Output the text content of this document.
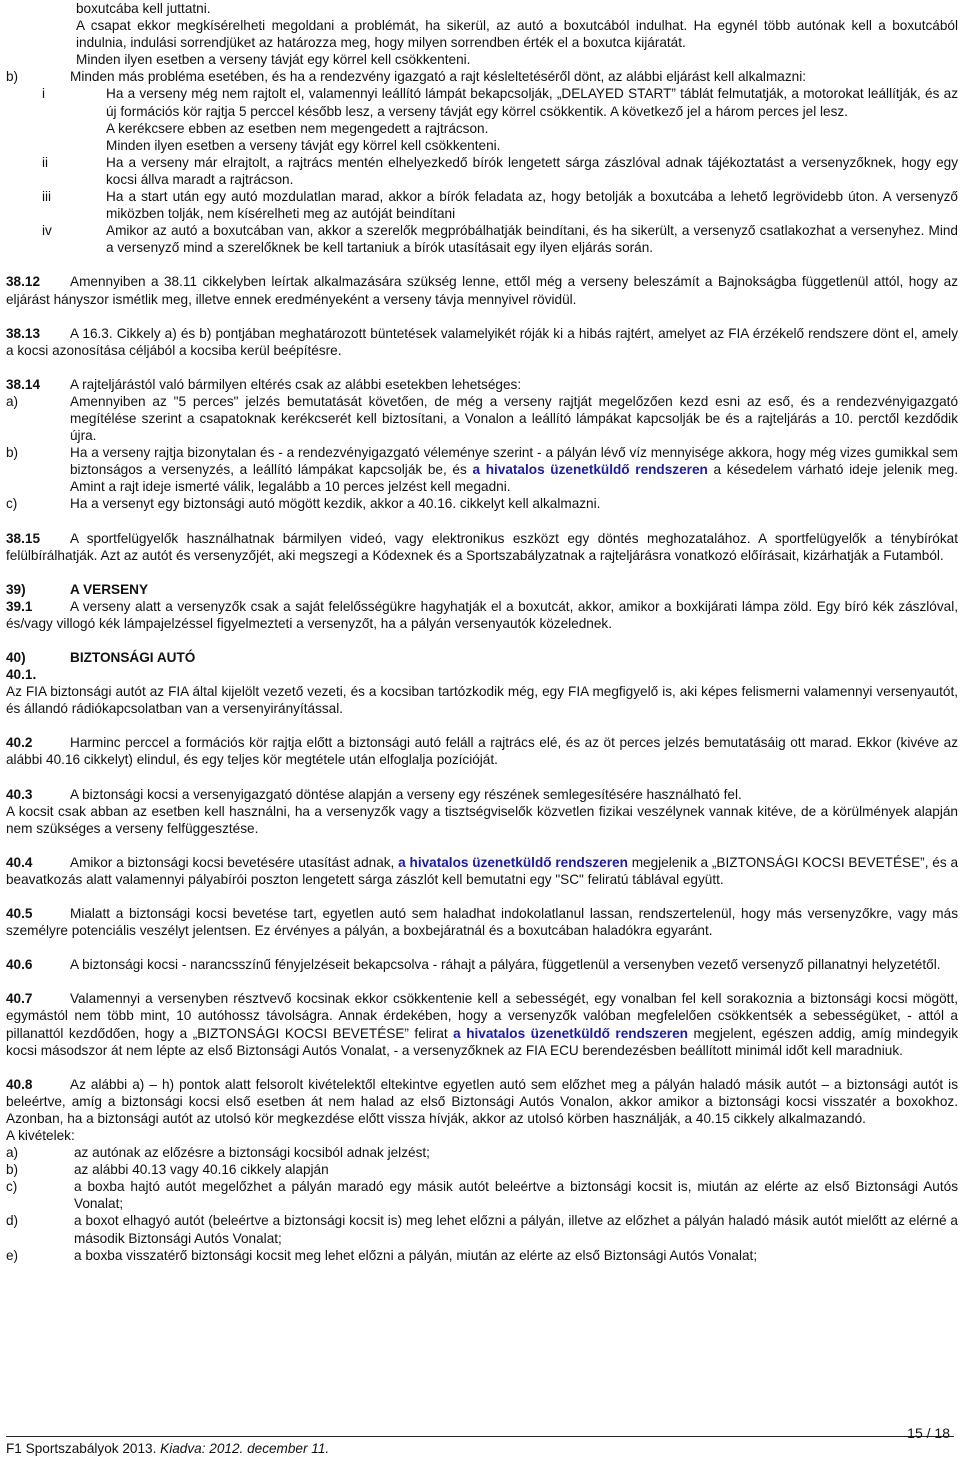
boxutcába kell juttatni.

A csapat ekkor megkísérelheti megoldani a problémát, ha sikerül, az autó a boxutcából indulhat. Ha egynél több autónak kell a boxutcából indulnia, indulási sorrendjüket az határozza meg, hogy milyen sorrendben érték el a boxutca kijáratát.

Minden ilyen esetben a verseny távját egy körrel kell csökkenteni.

b)	Minden más probléma esetében, és ha a rendezvény igazgató a rajt késleltetéséről dönt, az alábbi eljárást kell alkalmazni:
i	Ha a verseny még nem rajtolt el, valamennyi leállító lámpát bekapcsolják, „DELAYED START” táblát felmutatják, a motorokat leállítják, és az új formációs kör rajtja 5 perccel később lesz, a verseny távját egy körrel csökkentik. A következő jel a három perces jel lesz.
A kerékcsere ebben az esetben nem megengedett a rajtrácson.
Minden ilyen esetben a verseny távját egy körrel kell csökkenteni.
ii	Ha a verseny már elrajtolt, a rajtrács mentén elhelyezkedő bírók lengetett sárga zászlóval adnak tájékoztatást a versenyzőknek, hogy egy kocsi állva maradt a rajtrácson.
iii	Ha a start után egy autó mozdulatlan marad, akkor a bírók feladata az, hogy betolják a boxutcába a lehető legrövidebb úton. A versenyző miközben tolják, nem kísérelheti meg az autóját beindítani
iv	Amikor az autó a boxutcában van, akkor a szerelők megpróbálhatják beindítani, és ha sikerült, a versenyző csatlakozhat a versenyhez. Mind a versenyző mind a szerelőknek be kell tartaniuk a bírók utasításait egy ilyen eljárás során.

38.12 Amennyiben a 38.11 cikkelyben leírtak alkalmazására szükség lenne, ettől még a verseny beleszámít a Bajnokságba függetlenül attól, hogy az eljárást hányszor ismétlik meg, illetve ennek eredményeként a verseny távja mennyivel rövidül.

38.13 A 16.3. Cikkely a) és b) pontjában meghatározott büntetések valamelyikét róják ki a hibás rajtért, amelyet az FIA érzékelő rendszere dönt el, amely a kocsi azonosítása céljából a kocsiba kerül beépítésre.

38.14 A rajteljárástól való bármilyen eltérés csak az alábbi esetekben lehetséges:

a)	Amennyiben az "5 perces" jelzés bemutatását követően, de még a verseny rajtját megelőzően kezd esni az eső, és a rendezvényigazgató megítélése szerint a csapatoknak kerékcserét kell biztosítani, a Vonalon a leállító lámpákat kapcsolják be és a rajteljárás a 10. perctől kezdődik újra.
b)	Ha a verseny rajtja bizonytalan és - a rendezvényigazgató véleménye szerint - a pályán lévő víz mennyisége akkora, hogy még vizes gumikkal sem biztonságos a versenyzés, a leállító lámpákat kapcsolják be, és a hivatalos üzenetküldő rendszeren a késedelem várható ideje jelenik meg. Amint a rajt ideje ismerté válik, legalább a 10 perces jelzést kell megadni.
c)	Ha a versenyt egy biztonsági autó mögött kezdik, akkor a 40.16. cikkelyt kell alkalmazni.

38.15 A sportfelügyelők használhatnak bármilyen videó, vagy elektronikus eszközt egy döntés meghozatalához. A sportfelügyelők a ténybírókat felülbírálhatják. Azt az autót és versenyzőjét, aki megszegi a Kódexnek és a Sportszabályzatnak a rajteljárásra vonatkozó előírásait, kizárhatják a Futamból.

39)	A VERSENY

39.1	A verseny alatt a versenyzők csak a saját felelősségükre hagyhatják el a boxutcát, akkor, amikor a boxkijárati lámpa zöld. Egy bíró kék zászlóval, és/vagy villogó kék lámpajelzéssel figyelmezteti a versenyzőt, ha a pályán versenyautók közelednek.

40)	BIZTONSÁGI AUTÓ

40.1.

Az FIA biztonsági autót az FIA által kijelölt vezető vezeti, és a kocsiban tartózkodik még, egy FIA megfigyelő is, aki képes felismerni valamennyi versenyautót, és állandó rádiókapcsolatban van a versenyirányítással.

40.2	Harminc perccel a formációs kör rajtja előtt a biztonsági autó feláll a rajtrács elé, és az öt perces jelzés bemutatásáig ott marad. Ekkor (kivéve az alábbi 40.16 cikkelyt) elindul, és egy teljes kör megtétele után elfoglalja pozícióját.

40.3	A biztonsági kocsi a versenyigazgató döntése alapján a verseny egy részének semlegesítésére használható fel.

A kocsit csak abban az esetben kell használni, ha a versenyzők vagy a tisztségviselők közvetlen fizikai veszélynek vannak kitéve, de a körülmények alapján nem szükséges a verseny felfüggesztése.

40.4	Amikor a biztonsági kocsi bevetésére utasítást adnak, a hivatalos üzenetküldő rendszeren megjelenik a „BIZTONSÁGI KOCSI BEVETÉSE”, és a beavatkozás alatt valamennyi pályabírói poszton lengetett sárga zászlót kell bemutatni egy "SC" feliratú táblával együtt.

40.5	Mialatt a biztonsági kocsi bevetése tart, egyetlen autó sem haladhat indokolatlanul lassan, rendszertelenül, hogy más versenyzőkre, vagy más személyre potenciális veszélyt jelentsen. Ez érvényes a pályán, a boxbejáratnál és a boxutcában haladókra egyaránt.

40.6	A biztonsági kocsi - narancsszínű fényjelzéseit bekapcsolva - ráhajt a pályára, függetlenül a versenyben vezető versenyző pillanatnyi helyzetétől.

40.7	Valamennyi a versenyben résztvevő kocsinak ekkor csökkentenie kell a sebességét, egy vonalban fel kell sorakoznia a biztonsági kocsi mögött, egymástól nem több mint, 10 autóhossz távolságra. Annak érdekében, hogy a versenyzők valóban megfelelően csökkentsék a sebességüket, - attól a pillanattól kezdődően, hogy a „BIZTONSÁGI KOCSI BEVETÉSE” felirat a hivatalos üzenetküldő rendszeren megjelent, egészen addig, amíg mindegyik kocsi másodszor át nem lépte az első Biztonsági Autós Vonalat, - a versenyzőknek az FIA ECU berendezésben beállított minimál időt kell maradniuk.

40.8	Az alábbi a) – h) pontok alatt felsorolt kivételektől eltekintve egyetlen autó sem előzhet meg a pályán haladó másik autót – a biztonsági autót is beleértve, amíg a biztonsági kocsi első esetben át nem halad az első Biztonsági Autós Vonalon, akkor amikor a biztonsági kocsi visszatér a boxokhoz. Azonban, ha a biztonsági autót az utolsó kör megkezdése előtt vissza hívják, akkor az utolsó körben használják, a 40.15 cikkely alkalmazandó.

A kivételek:

a)	az autónak az előzésre a biztonsági kocsiból adnak jelzést;
b)	az alábbi 40.13 vagy 40.16 cikkely alapján
c)	a boxba hajtó autót megelőzhet a pályán maradó egy másik autót beleértve a biztonsági kocsit is, miután az elérte az első Biztonsági Autós Vonalat;
d)	a boxot elhagyó autót (beleértve a biztonsági kocsit is) meg lehet előzni a pályán, illetve az előzhet a pályán haladó másik autót mielőtt az elérné a második Biztonsági Autós Vonalat;
e)	a boxba visszatérő biztonsági kocsit meg lehet előzni a pályán, miután az elérte az első Biztonsági Autós Vonalat;
F1 Sportszabályok 2013. Kiadva: 2012. december 11.
15 / 18
